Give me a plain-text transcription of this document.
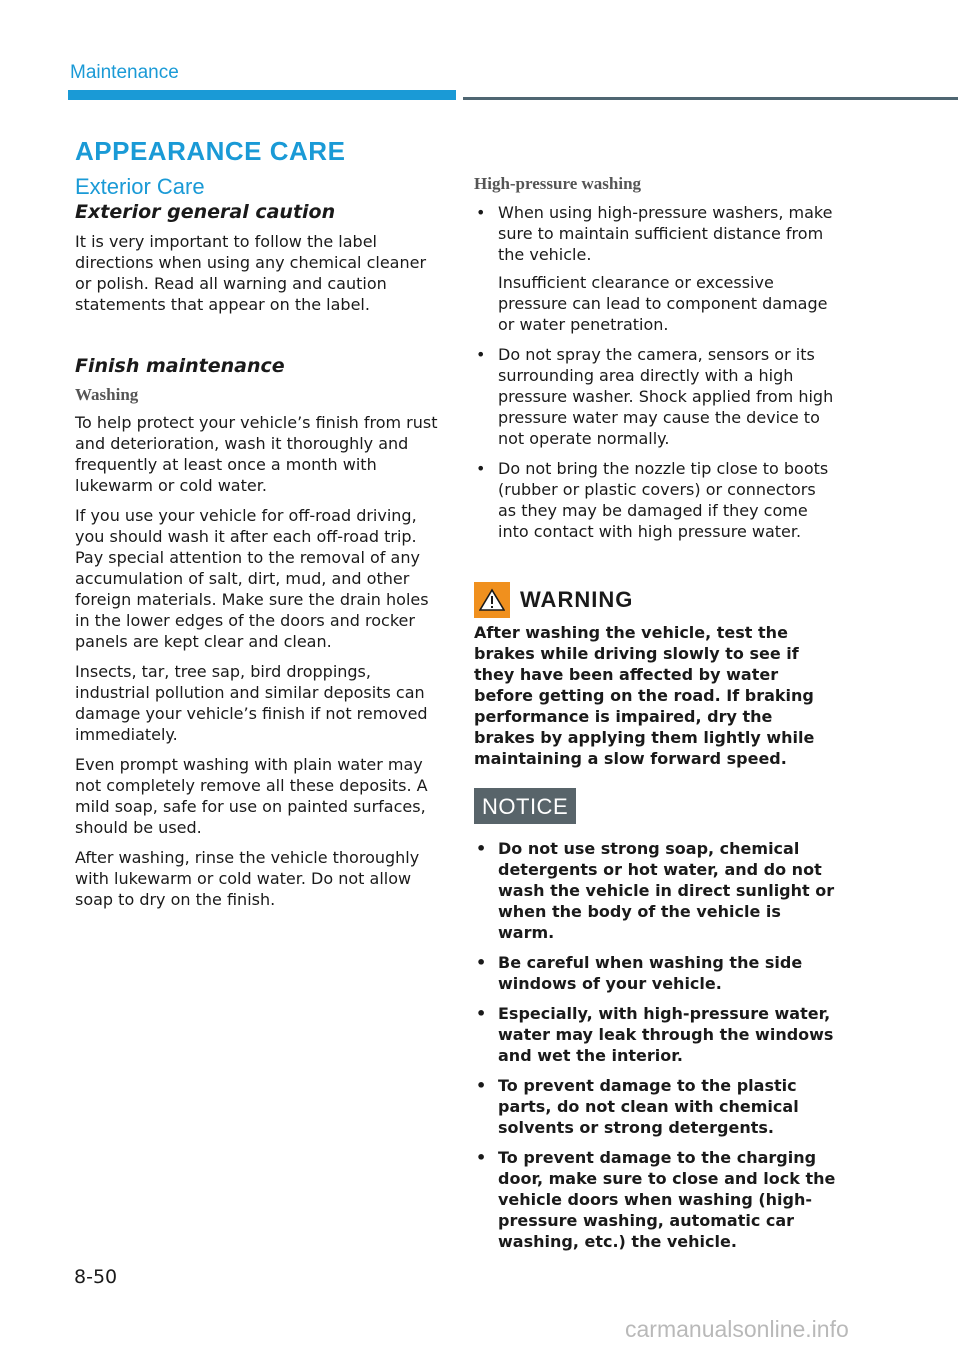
Maintenance
APPEARANCE CARE
Exterior Care
Exterior general caution

It is very important to follow the label directions when using any chemical cleaner or polish. Read all warning and caution statements that appear on the label.

Finish maintenance
Washing

To help protect your vehicle’s finish from rust and deterioration, wash it thoroughly and frequently at least once a month with lukewarm or cold water.

If you use your vehicle for off-road driving, you should wash it after each off-road trip. Pay special attention to the removal of any accumulation of salt, dirt, mud, and other foreign materials. Make sure the drain holes in the lower edges of the doors and rocker panels are kept clear and clean.

Insects, tar, tree sap, bird droppings, industrial pollution and similar deposits can damage your vehicle’s finish if not removed immediately.

Even prompt washing with plain water may not completely remove all these deposits. A mild soap, safe for use on painted surfaces, should be used.

After washing, rinse the vehicle thoroughly with lukewarm or cold water. Do not allow soap to dry on the finish.

High-pressure washing
• When using high-pressure washers, make sure to maintain sufficient distance from the vehicle.
Insufficient clearance or excessive pressure can lead to component damage or water penetration.
• Do not spray the camera, sensors or its surrounding area directly with a high pressure washer. Shock applied from high pressure water may cause the device to not operate normally.
• Do not bring the nozzle tip close to boots (rubber or plastic covers) or connectors as they may be damaged if they come into contact with high pressure water.
WARNING
After washing the vehicle, test the brakes while driving slowly to see if they have been affected by water before getting on the road. If braking performance is impaired, dry the brakes by applying them lightly while maintaining a slow forward speed.
NOTICE
• Do not use strong soap, chemical detergents or hot water, and do not wash the vehicle in direct sunlight or when the body of the vehicle is warm.
• Be careful when washing the side windows of your vehicle.
• Especially, with high-pressure water, water may leak through the windows and wet the interior.
• To prevent damage to the plastic parts, do not clean with chemical solvents or strong detergents.
• To prevent damage to the charging door, make sure to close and lock the vehicle doors when washing (high-pressure washing, automatic car washing, etc.) the vehicle.
8-50
carmanualsonline.info
